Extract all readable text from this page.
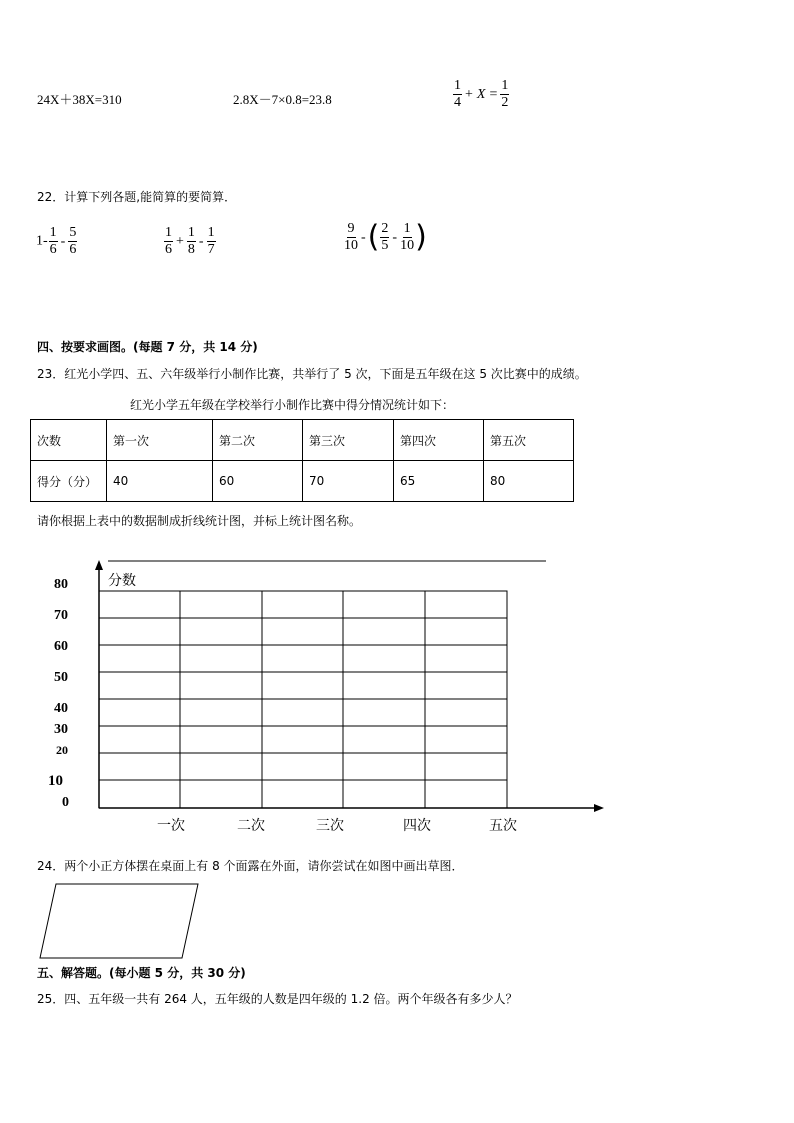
24X＋38X=310	2.8X－7×0.8=23.8	$\frac{1}{4} + X = \frac{1}{2}$
22．计算下列各题,能简算的要简算．
$1- \frac{1}{6} - \frac{5}{6}$	$\frac{1}{6} + \frac{1}{8} - \frac{1}{7}$	$\frac{9}{10}$ -( $\frac{2}{5} - \frac{1}{10}$ )
四、按要求画图。(每题 7 分，共 14 分)
23．红光小学四、五、六年级举行小制作比赛，共举行了 5 次，下面是五年级在这 5 次比赛中的成绩。
红光小学五年级在学校举行小制作比赛中得分情况统计如下：
次数	第一次	第二次	第三次	第四次	第五次
得分（分）	40	60	70	65	80
请你根据上表中的数据制成折线统计图，并标上统计图名称。
分数
80
70
60
50
40
30
20
10
0
一次	二次	三次	四次	五次
24．两个小正方体摆在桌面上有 8 个面露在外面，请你尝试在如图中画出草图．
五、解答题。(每小题 5 分，共 30 分)
25．四、五年级一共有 264 人，五年级的人数是四年级的 1.2 倍。两个年级各有多少人？
